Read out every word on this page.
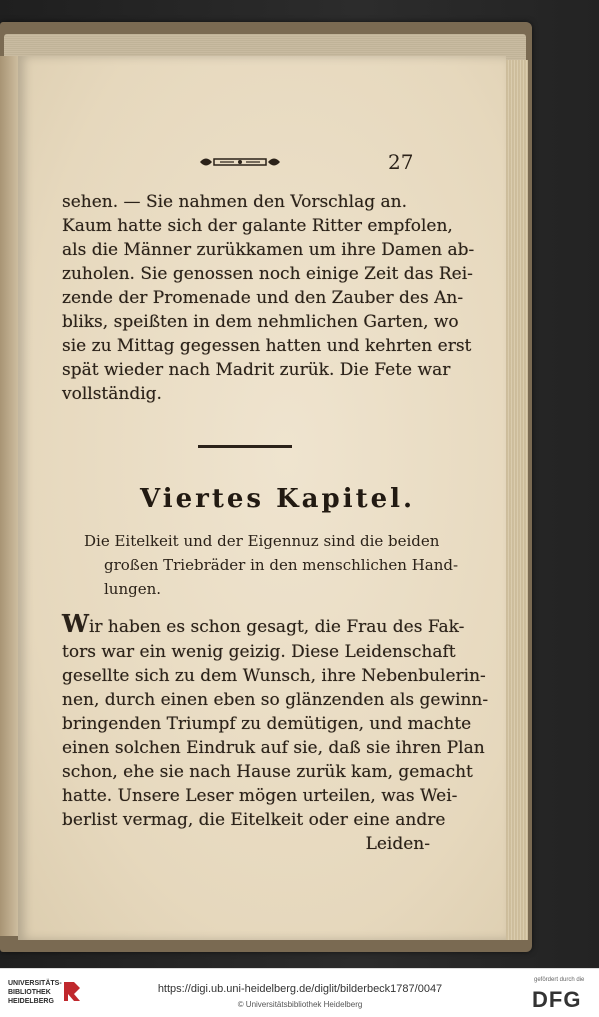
27
sehen. — Sie nahmen den Vorschlag an.
Kaum hatte sich der galante Ritter empfolen,
als die Männer zurükkamen um ihre Damen ab-
zuholen. Sie genossen noch einige Zeit das Rei-
zende der Promenade und den Zauber des An-
bliks, speißten in dem nehmlichen Garten, wo
sie zu Mittag gegessen hatten und kehrten erst
spät wieder nach Madrit zurük. Die Fete war
vollständig.
Viertes Kapitel.
Die Eitelkeit und der Eigennuz sind die beiden
großen Triebräder in den menschlichen Hand-
lungen.
Wir haben es schon gesagt, die Frau des Fak-
tors war ein wenig geizig. Diese Leidenschaft
gesellte sich zu dem Wunsch, ihre Nebenbulerin-
nen, durch einen eben so glänzenden als gewinn-
bringenden Triumpf zu demütigen, und machte
einen solchen Eindruk auf sie, daß sie ihren Plan
schon, ehe sie nach Hause zurük kam, gemacht
hatte. Unsere Leser mögen urteilen, was Wei-
berlist vermag, die Eitelkeit oder eine andre
Leiden-
UNIVERSITÄTS-
BIBLIOTHEK
HEIDELBERG
https://digi.ub.uni-heidelberg.de/diglit/bilderbeck1787/0047
© Universitätsbibliothek Heidelberg
gefördert durch die
DFG
